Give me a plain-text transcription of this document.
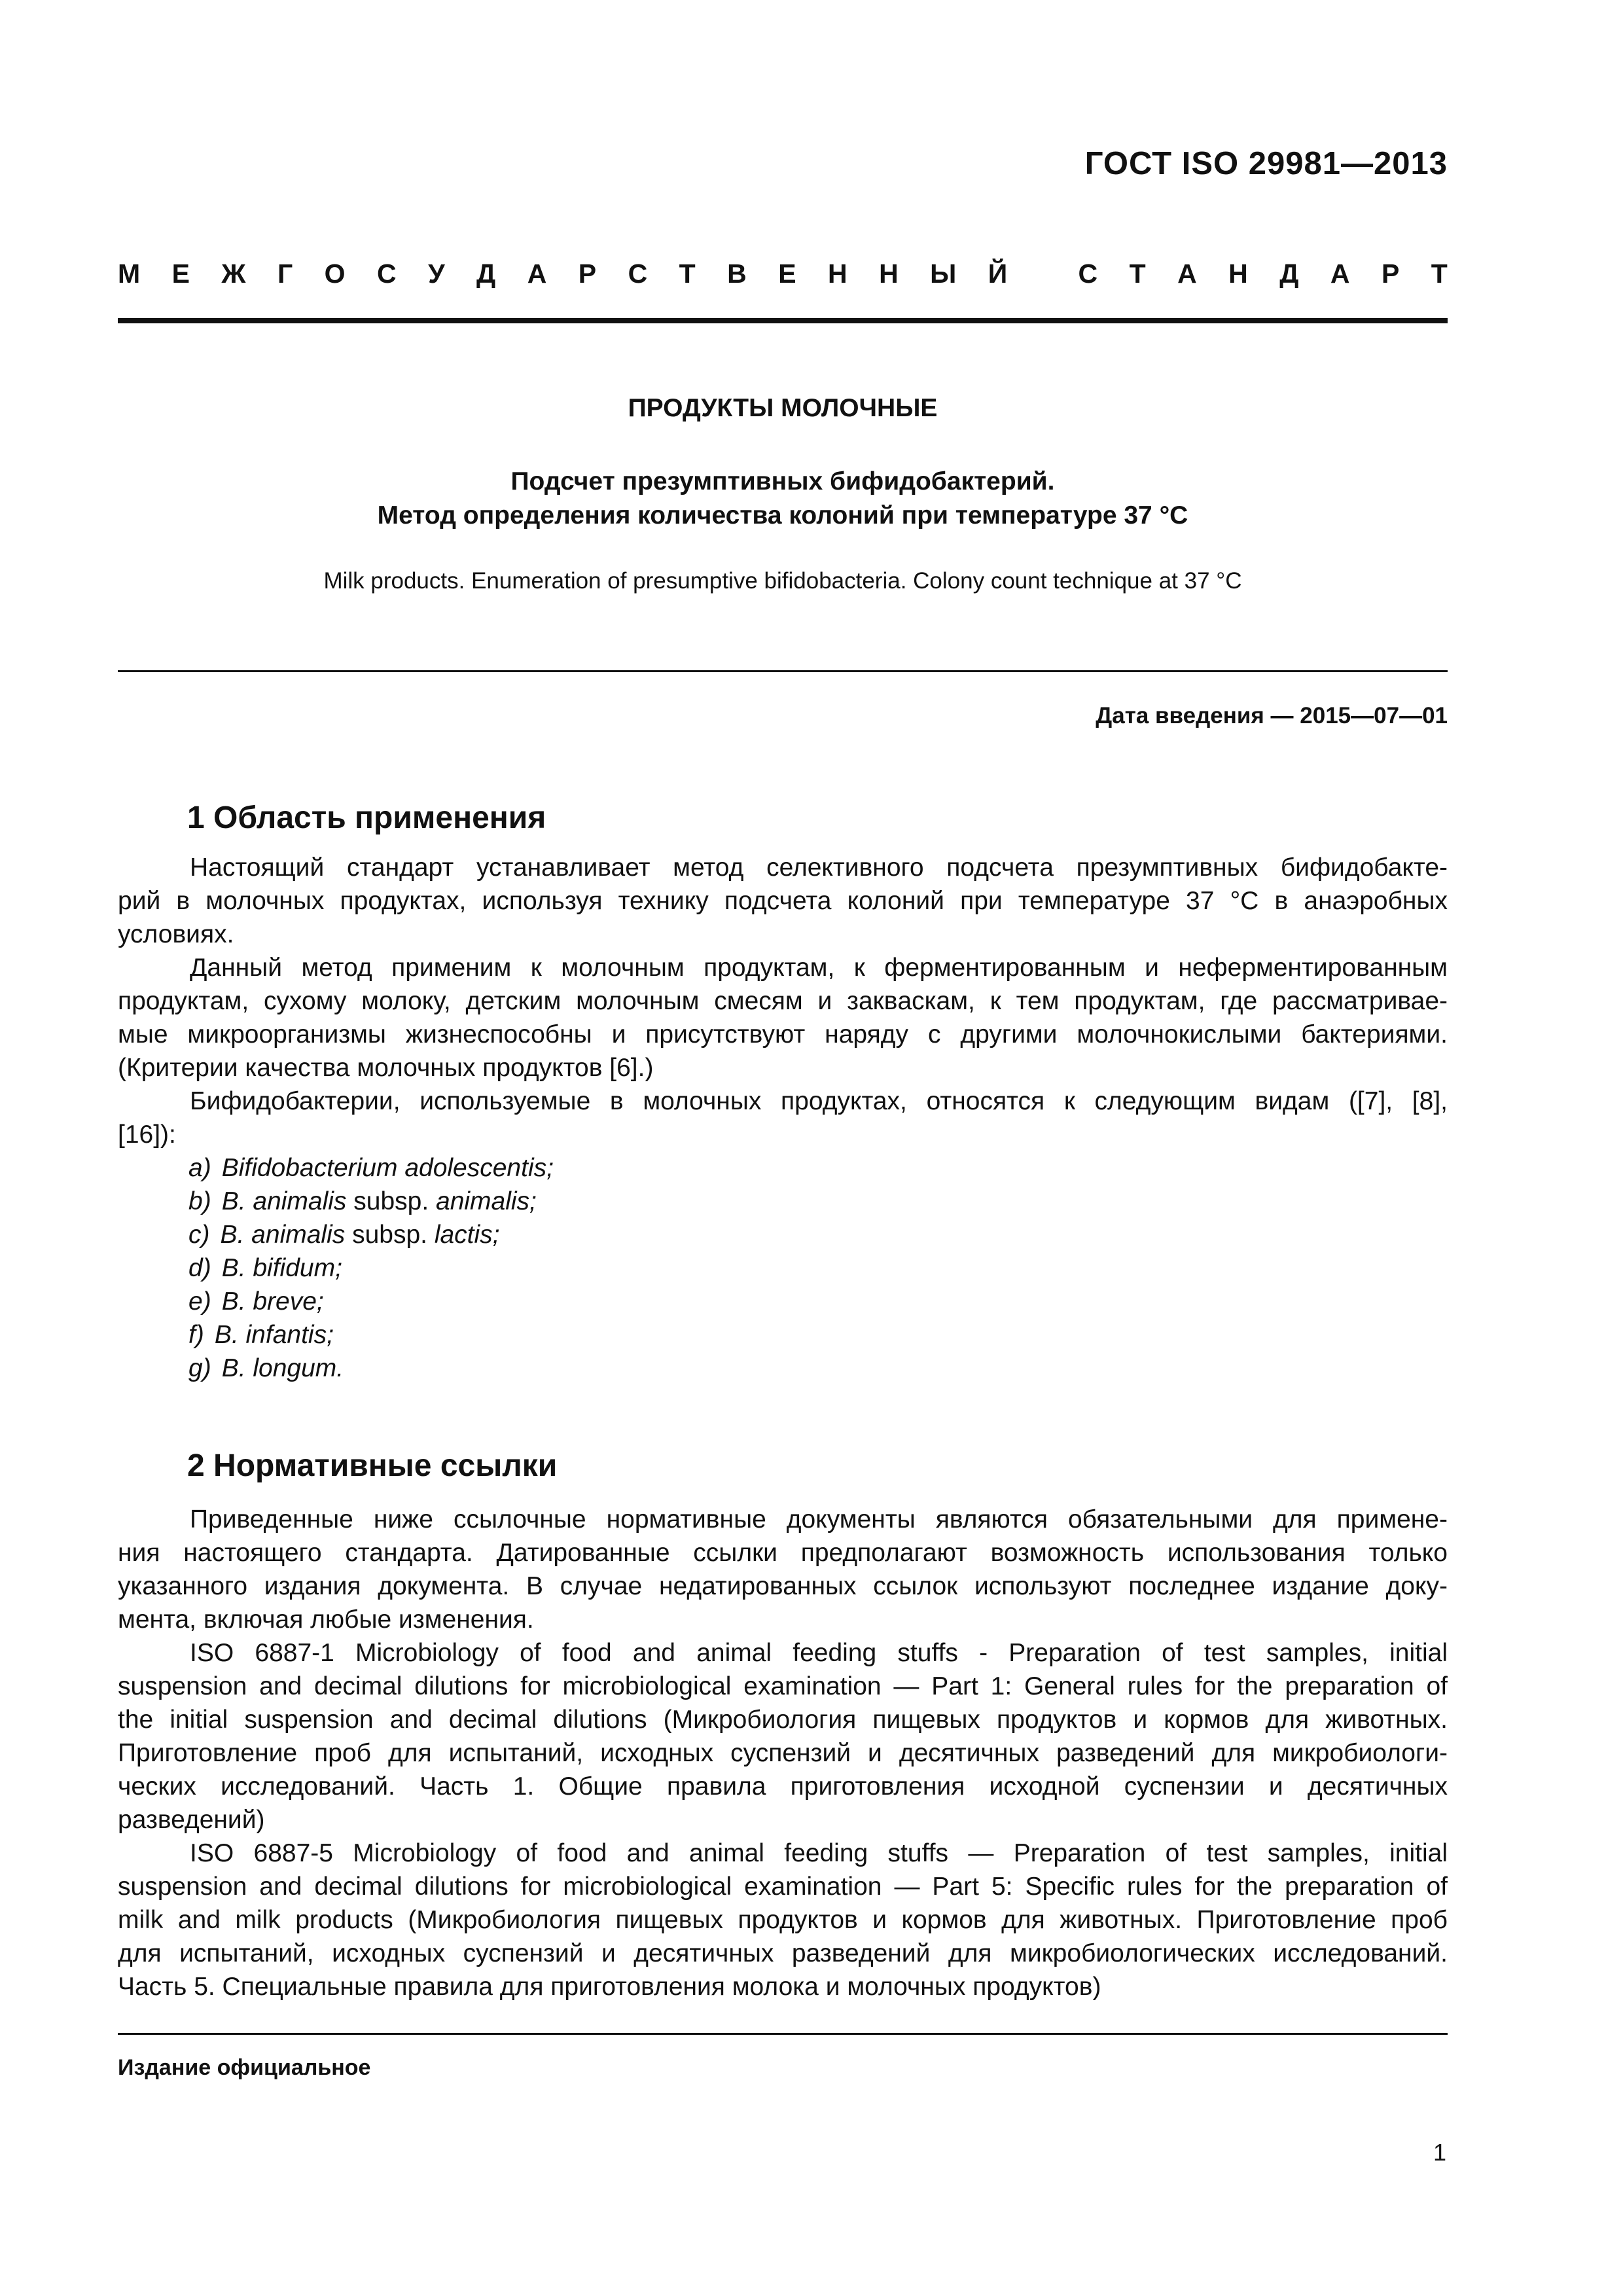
ГОСТ ISO 29981—2013
М Е Ж Г О С У Д А Р С Т В Е Н Н Ы Й
	С Т А Н Д А Р Т
ПРОДУКТЫ МОЛОЧНЫЕ
Подсчет презумптивных бифидобактерий.
Метод определения количества колоний при температуре 37 °С
Milk products. Enumeration of presumptive bifidobacteria. Colony count technique at 37 °C
Дата введения — 2015—07—01
1 Область применения

Настоящий стандарт устанавливает метод селективного подсчета презумптивных бифидобакте-
рий в молочных продуктах, используя технику подсчета колоний при температуре 37 °С в анаэробных
условиях.

Данный метод применим к молочным продуктам, к ферментированным и неферментированным
продуктам, сухому молоку, детским молочным смесям и заквaскам, к тем продуктам, где рассматривае-
мые микроорганизмы жизнеспособны и присутствуют наряду с другими молочнокислыми бактериями.
(Критерии качества молочных продуктов [6].)

Бифидобактерии, используемые в молочных продуктах, относятся к следующим видам ([7], [8],
[16]):

a) Bifidobacterium adolescentis;
b) B. animalis subsp. animalis;
c) B. animalis subsp. lactis;
d) B. bifidum;
e) B. breve;
f) B. infantis;
g) B. longum.
2 Нормативные ссылки

Приведенные ниже ссылочные нормативные документы являются обязательными для примене-
ния настоящего стандарта. Датированные ссылки предполагают возможность использования только
указанного издания документа. В случае недатированных ссылок используют последнее издание доку-
мента, включая любые изменения.

ISO 6887-1 Microbiology of food and animal feeding stuffs - Preparation of test samples, initial
suspension and decimal dilutions for microbiological examination — Part 1: General rules for the preparation of
the initial suspension and decimal dilutions (Микробиология пищевых продуктов и кормов для животных.
Приготовление проб для испытаний, исходных суспензий и десятичных разведений для микробиологи-
ческих исследований. Часть 1. Общие правила приготовления исходной суспензии и десятичных
разведений)

ISO 6887-5 Microbiology of food and animal feeding stuffs — Preparation of test samples, initial
suspension and decimal dilutions for microbiological examination — Part 5: Specific rules for the preparation of
milk and milk products (Микробиология пищевых продуктов и кормов для животных. Приготовление проб
для испытаний, исходных суспензий и десятичных разведений для микробиологических исследований.
Часть 5. Специальные правила для приготовления молока и молочных продуктов)

Издание официальное
1
